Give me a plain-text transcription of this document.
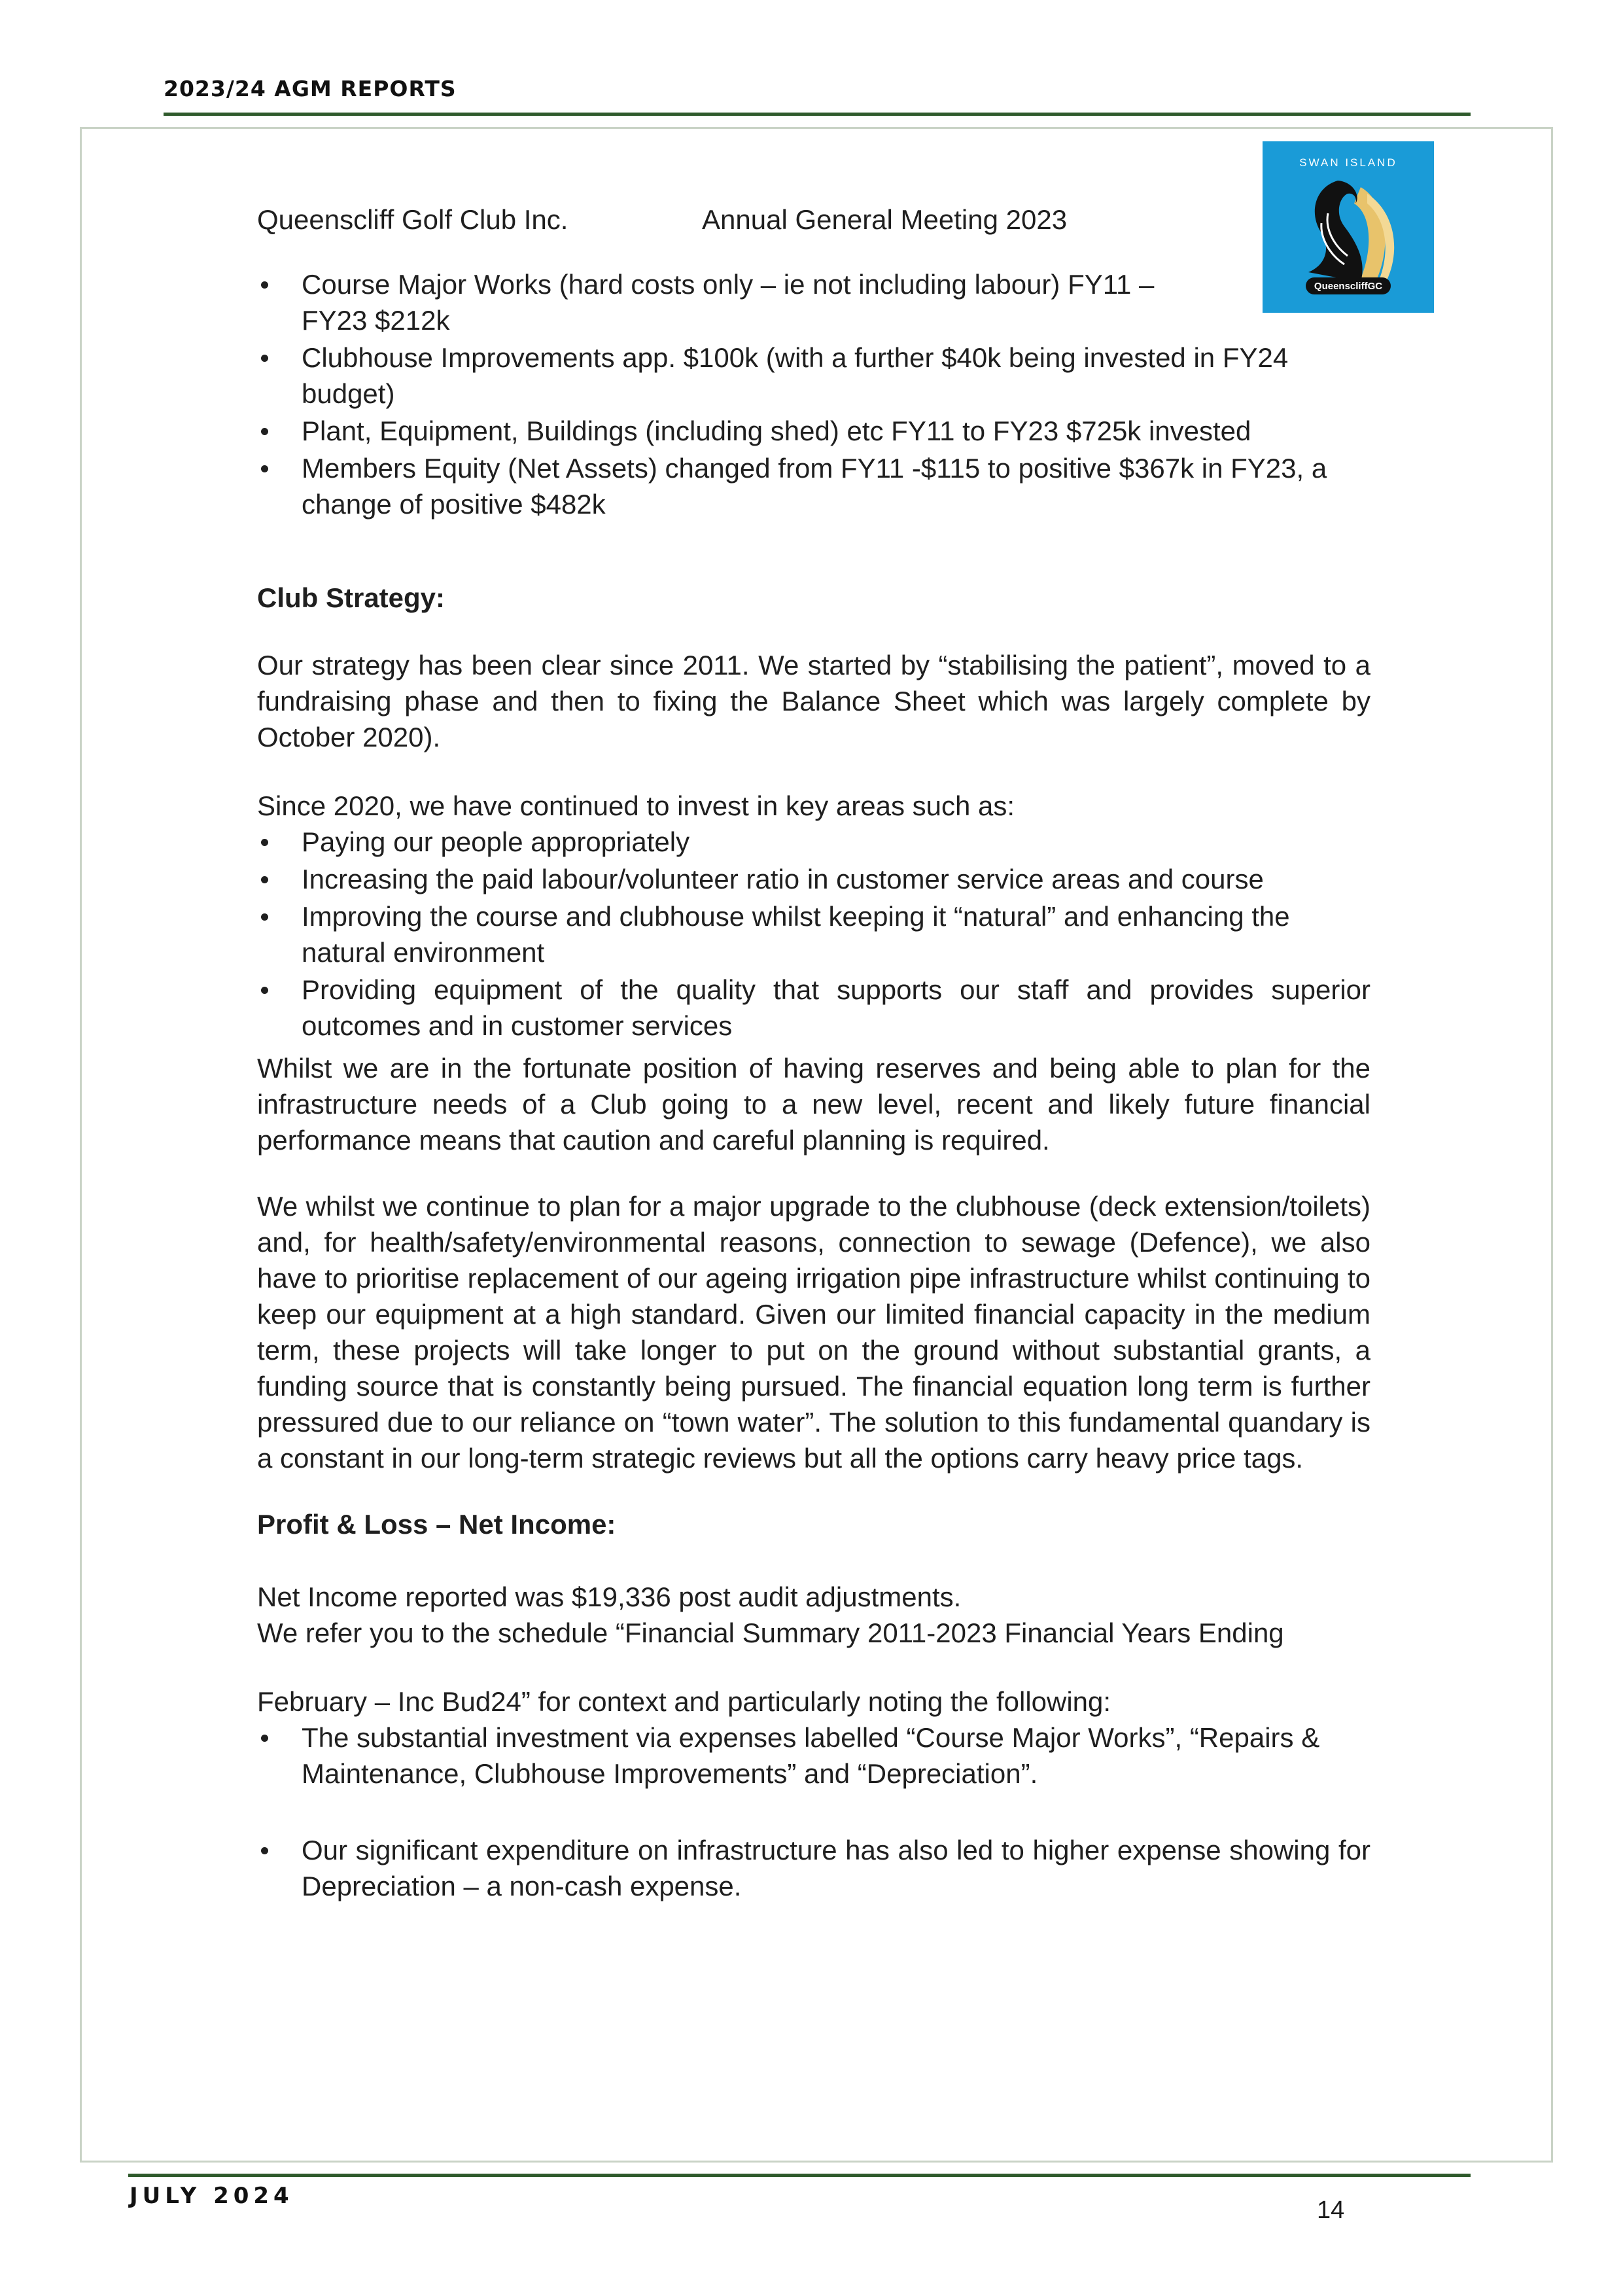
2023/24 AGM REPORTS
14
SWAN ISLAND
QueenscliffGC
Queenscliff Golf Club Inc.	Annual General Meeting 2023
Course Major Works (hard costs only – ie not including labour) FY11 – FY23 $212k
Clubhouse Improvements app. $100k (with a further $40k being invested in FY24 budget)
Plant, Equipment, Buildings (including shed) etc FY11 to FY23 $725k invested
Members Equity (Net Assets) changed from FY11 -$115 to positive $367k in FY23, a change of positive $482k

Club Strategy:

Our strategy has been clear since 2011. We started by “stabilising the patient”, moved to a fundraising phase and then to fixing the Balance Sheet which was largely complete by October 2020).

Since 2020, we have continued to invest in key areas such as:

Paying our people appropriately
Increasing the paid labour/volunteer ratio in customer service areas and course
Improving the course and clubhouse whilst keeping it “natural” and enhancing the natural environment
Providing equipment of the quality that supports our staff and provides superior outcomes and in customer services

Whilst we are in the fortunate position of having reserves and being able to plan for the infrastructure needs of a Club going to a new level, recent and likely future financial performance means that caution and careful planning is required.

We whilst we continue to plan for a major upgrade to the clubhouse (deck extension/toilets) and, for health/safety/environmental reasons, connection to sewage (Defence), we also have to prioritise replacement of our ageing irrigation pipe infrastructure whilst continuing to keep our equipment at a high standard. Given our limited financial capacity in the medium term, these projects will take longer to put on the ground without substantial grants, a funding source that is constantly being pursued. The financial equation long term is further pressured due to our reliance on “town water”. The solution to this fundamental quandary is a constant in our long-term strategic reviews but all the options carry heavy price tags.

Profit & Loss – Net Income:

Net Income reported was $19,336 post audit adjustments.

We refer you to the schedule “Financial Summary 2011-2023 Financial Years Ending

February – Inc Bud24” for context and particularly noting the following:

The substantial investment via expenses labelled “Course Major Works”, “Repairs & Maintenance, Clubhouse Improvements” and “Depreciation”.
Our significant expenditure on infrastructure has also led to higher expense showing for Depreciation – a non-cash expense.
JULY 2024
